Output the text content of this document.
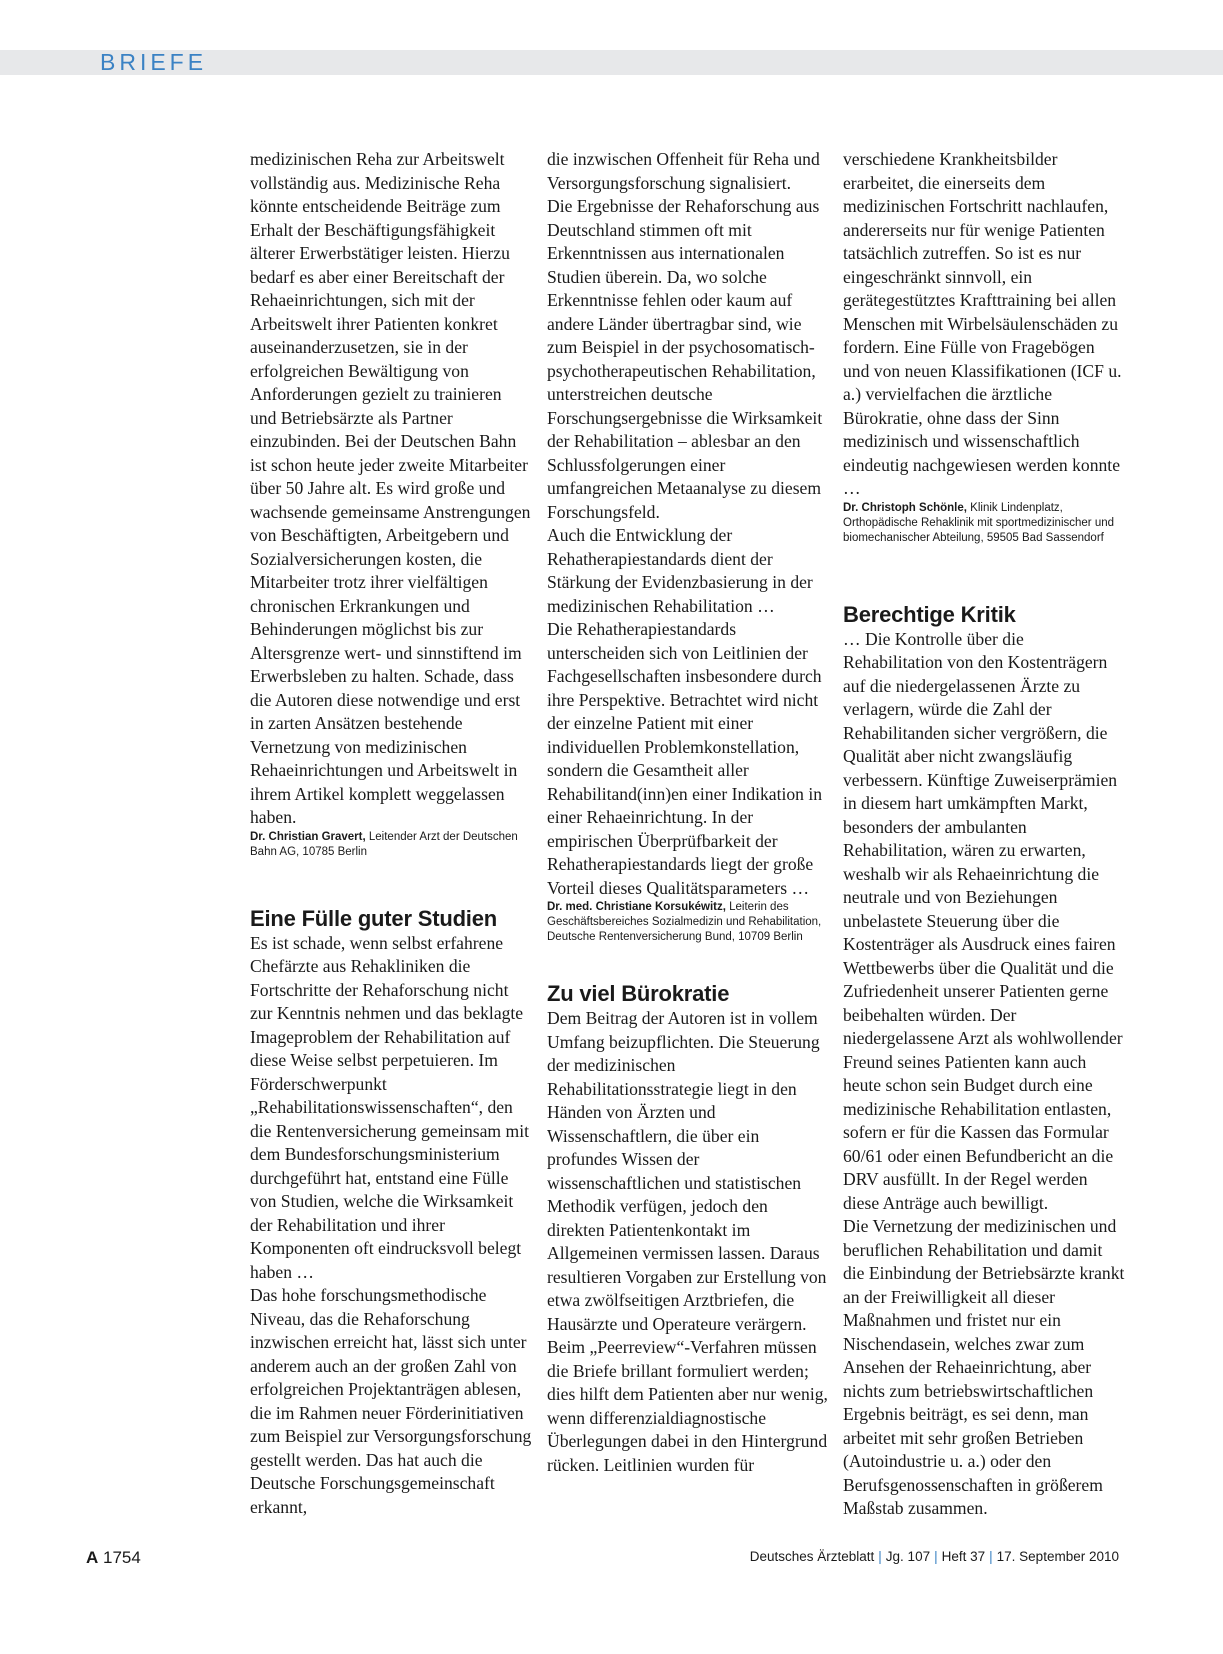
BRIEFE

medizinischen Reha zur Arbeitswelt vollständig aus. Medizinische Reha könnte entscheidende Beiträge zum Erhalt der Beschäftigungsfähigkeit älterer Erwerbstätiger leisten. Hierzu bedarf es aber einer Bereitschaft der Rehaeinrichtungen, sich mit der Arbeitswelt ihrer Patienten konkret auseinanderzusetzen, sie in der erfolgreichen Bewältigung von Anforderungen gezielt zu trainieren und Betriebsärzte als Partner einzubinden. Bei der Deutschen Bahn ist schon heute jeder zweite Mitarbeiter über 50 Jahre alt. Es wird große und wachsende gemeinsame Anstrengungen von Beschäftigten, Arbeitgebern und Sozialversicherungen kosten, die Mitarbeiter trotz ihrer vielfältigen chronischen Erkrankungen und Behinderungen möglichst bis zur Altersgrenze wert- und sinnstiftend im Erwerbsleben zu halten. Schade, dass die Autoren diese notwendige und erst in zarten Ansätzen bestehende Vernetzung von medizinischen Rehaeinrichtungen und Arbeitswelt in ihrem Artikel komplett weggelassen haben.

Dr. Christian Gravert, Leitender Arzt der Deutschen Bahn AG, 10785 Berlin

Eine Fülle guter Studien

Es ist schade, wenn selbst erfahrene Chefärzte aus Rehakliniken die Fortschritte der Rehaforschung nicht zur Kenntnis nehmen und das beklagte Imageproblem der Rehabilitation auf diese Weise selbst perpetuieren. Im Förderschwerpunkt „Rehabilitationswissenschaften“, den die Rentenversicherung gemeinsam mit dem Bundesforschungsministerium durchgeführt hat, entstand eine Fülle von Studien, welche die Wirksamkeit der Rehabilitation und ihrer Komponenten oft eindrucksvoll belegt haben …

Das hohe forschungsmethodische Niveau, das die Rehaforschung inzwischen erreicht hat, lässt sich unter anderem auch an der großen Zahl von erfolgreichen Projektanträgen ablesen, die im Rahmen neuer Förderinitiativen zum Beispiel zur Versorgungsforschung gestellt werden. Das hat auch die Deutsche Forschungsgemeinschaft erkannt,

die inzwischen Offenheit für Reha und Versorgungsforschung signalisiert.

Die Ergebnisse der Rehaforschung aus Deutschland stimmen oft mit Erkenntnissen aus internationalen Studien überein. Da, wo solche Erkenntnisse fehlen oder kaum auf andere Länder übertragbar sind, wie zum Beispiel in der psychosomatisch-psychotherapeutischen Rehabilitation, unterstreichen deutsche Forschungsergebnisse die Wirksamkeit der Rehabilitation – ablesbar an den Schlussfolgerungen einer umfangreichen Metaanalyse zu diesem Forschungsfeld.

Auch die Entwicklung der Rehatherapiestandards dient der Stärkung der Evidenzbasierung in der medizinischen Rehabilitation …

Die Rehatherapiestandards unterscheiden sich von Leitlinien der Fachgesellschaften insbesondere durch ihre Perspektive. Betrachtet wird nicht der einzelne Patient mit einer individuellen Problemkonstellation, sondern die Gesamtheit aller Rehabilitand(inn)en einer Indikation in einer Rehaeinrichtung. In der empirischen Überprüfbarkeit der Rehatherapiestandards liegt der große Vorteil dieses Qualitätsparameters …

Dr. med. Christiane Korsukéwitz, Leiterin des Geschäftsbereiches Sozialmedizin und Rehabilitation, Deutsche Rentenversicherung Bund, 10709 Berlin

Zu viel Bürokratie

Dem Beitrag der Autoren ist in vollem Umfang beizupflichten. Die Steuerung der medizinischen Rehabilitationsstrategie liegt in den Händen von Ärzten und Wissenschaftlern, die über ein profundes Wissen der wissenschaftlichen und statistischen Methodik verfügen, jedoch den direkten Patientenkontakt im Allgemeinen vermissen lassen. Daraus resultieren Vorgaben zur Erstellung von etwa zwölfseitigen Arztbriefen, die Hausärzte und Operateure verärgern. Beim „Peerreview“-Verfahren müssen die Briefe brillant formuliert werden; dies hilft dem Patienten aber nur wenig, wenn differenzialdiagnostische Überlegungen dabei in den Hintergrund rücken. Leitlinien wurden für

verschiedene Krankheitsbilder erarbeitet, die einerseits dem medizinischen Fortschritt nachlaufen, andererseits nur für wenige Patienten tatsächlich zutreffen. So ist es nur eingeschränkt sinnvoll, ein gerätegestütztes Krafttraining bei allen Menschen mit Wirbelsäulenschäden zu fordern. Eine Fülle von Fragebögen und von neuen Klassifikationen (ICF u. a.) vervielfachen die ärztliche Bürokratie, ohne dass der Sinn medizinisch und wissenschaftlich eindeutig nachgewiesen werden konnte …

Dr. Christoph Schönle, Klinik Lindenplatz, Orthopädische Rehaklinik mit sportmedizinischer und biomechanischer Abteilung, 59505 Bad Sassendorf

Berechtige Kritik

… Die Kontrolle über die Rehabilitation von den Kostenträgern auf die niedergelassenen Ärzte zu verlagern, würde die Zahl der Rehabilitanden sicher vergrößern, die Qualität aber nicht zwangsläufig verbessern. Künftige Zuweiserprämien in diesem hart umkämpften Markt, besonders der ambulanten Rehabilitation, wären zu erwarten, weshalb wir als Rehaeinrichtung die neutrale und von Beziehungen unbelastete Steuerung über die Kostenträger als Ausdruck eines fairen Wettbewerbs über die Qualität und die Zufriedenheit unserer Patienten gerne beibehalten würden. Der niedergelassene Arzt als wohlwollender Freund seines Patienten kann auch heute schon sein Budget durch eine medizinische Rehabilitation entlasten, sofern er für die Kassen das Formular 60/61 oder einen Befundbericht an die DRV ausfüllt. In der Regel werden diese Anträge auch bewilligt.

Die Vernetzung der medizinischen und beruflichen Rehabilitation und damit die Einbindung der Betriebsärzte krankt an der Freiwilligkeit all dieser Maßnahmen und fristet nur ein Nischendasein, welches zwar zum Ansehen der Rehaeinrichtung, aber nichts zum betriebswirtschaftlichen Ergebnis beiträgt, es sei denn, man arbeitet mit sehr großen Betrieben (Autoindustrie u. a.) oder den Berufsgenossenschaften in größerem Maßstab zusammen.

A 1754	Deutsches Ärzteblatt | Jg. 107 | Heft 37 | 17. September 2010
